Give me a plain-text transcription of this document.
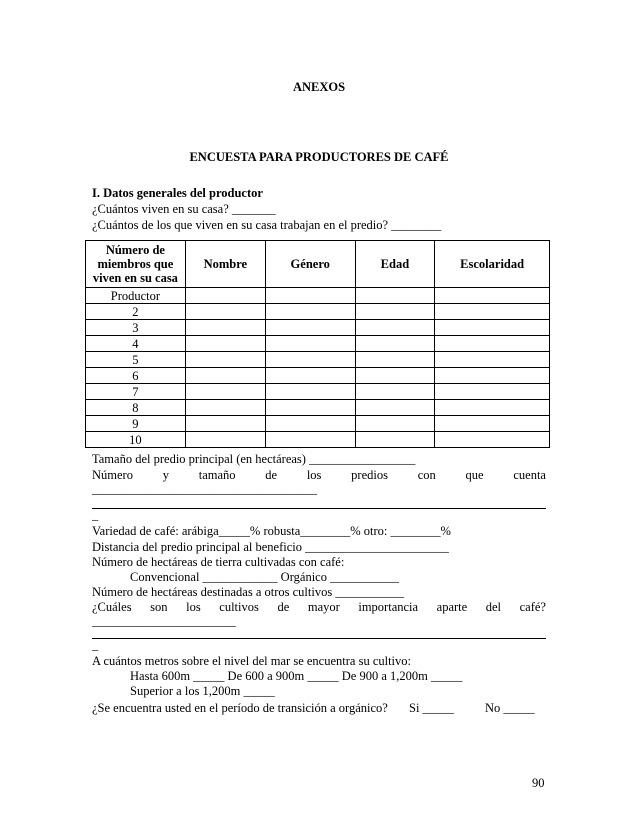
ANEXOS
ENCUESTA PARA PRODUCTORES DE CAFÉ
I. Datos generales del productor
¿Cuántos viven en su casa? _______
¿Cuántos de los que viven en su casa trabajan en el predio? ________
Número de miembros que viven en su casa	Nombre	Género	Edad	Escolaridad
Productor				
2				
3				
4				
5				
6				
7				
8				
9				
10				
Tamaño del predio principal (en hectáreas) _________________
Número y tamaño de los predios con que cuenta
____________________________________
_
Variedad de café: arábiga_____% robusta________% otro: ________%
Distancia del predio principal al beneficio _______________________
Número de hectáreas de tierra cultivadas con café:
Convencional ____________ Orgánico ___________
Número de hectáreas destinadas a otros cultivos ___________
¿Cuáles son los cultivos de mayor importancia aparte del café?
_______________________
_
A cuántos metros sobre el nivel del mar se encuentra su cultivo:
Hasta 600m _____ De 600 a 900m _____ De 900 a 1,200m _____
Superior a los 1,200m _____
¿Se encuentra usted en el período de transición a orgánico? Si _____ No _____
90
